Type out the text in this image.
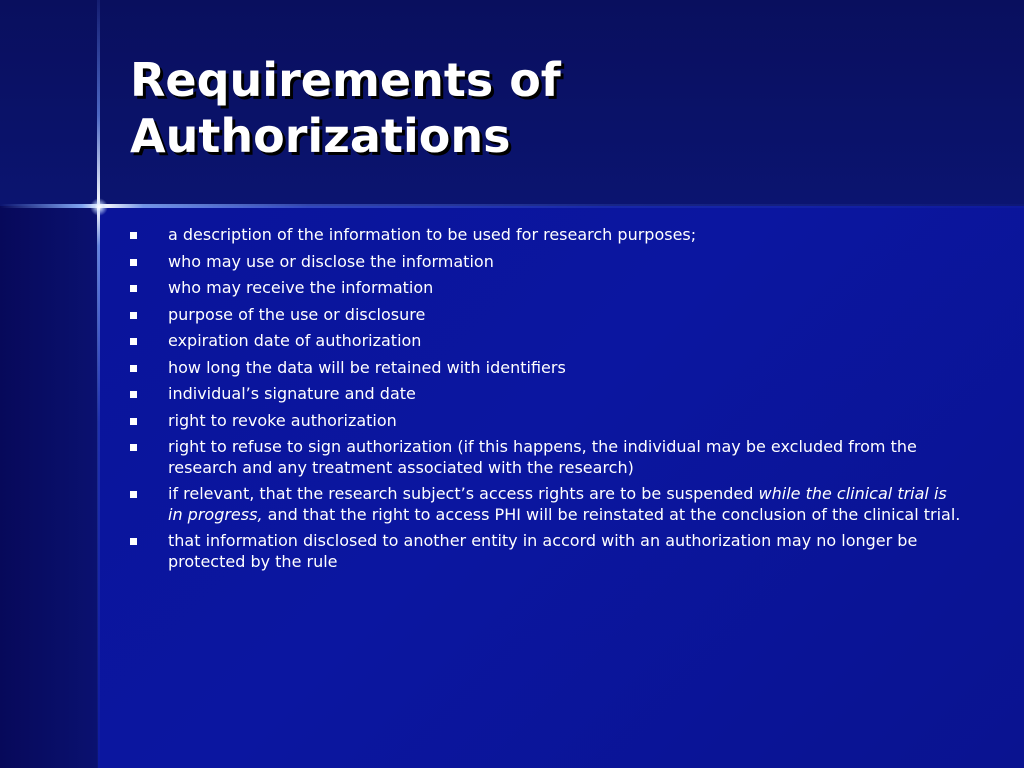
Requirements of
Authorizations
a description of the information to be used for research purposes;
who may use or disclose the information
who may receive the information
purpose of the use or disclosure
expiration date of authorization
how long the data will be retained with identifiers
individual’s signature and date
right to revoke authorization
right to refuse to sign authorization (if this happens, the individual may be excluded from the research and any treatment associated with the research)
if relevant, that the research subject’s access rights are to be suspended while the clinical trial is in progress, and that the right to access PHI will be reinstated at the conclusion of the clinical trial.
that information disclosed to another entity in accord with an authorization may no longer be protected by the rule
